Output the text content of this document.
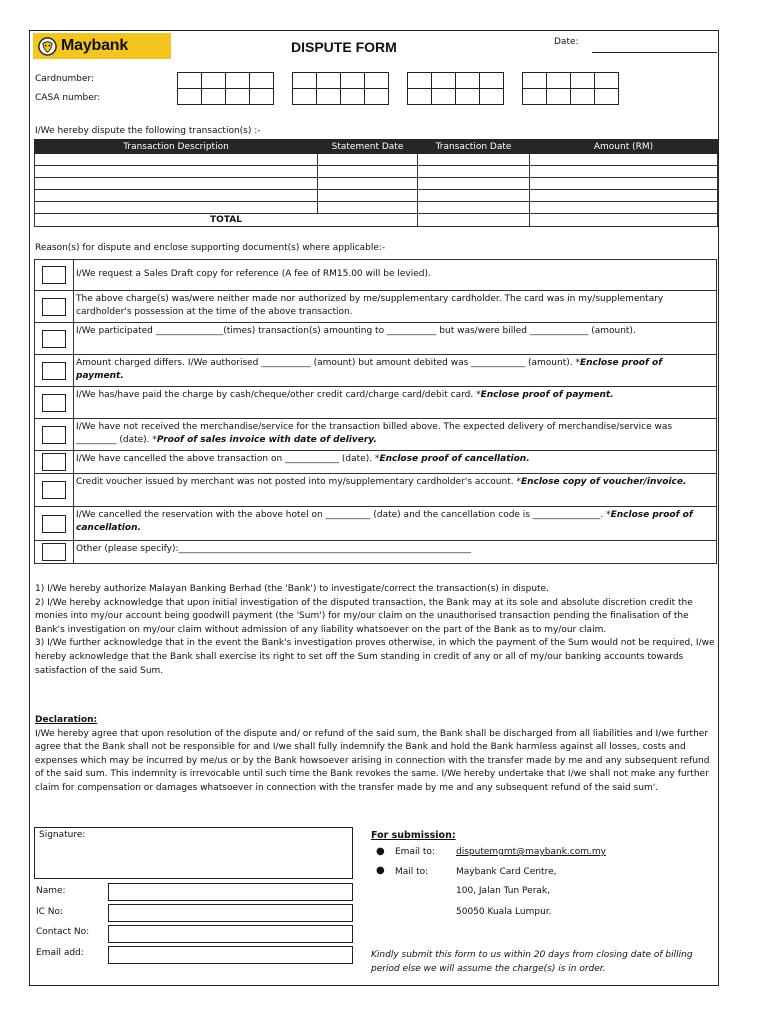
Maybank	DISPUTE FORM	Date:
Cardnumber:
CASA number:
I/We hereby dispute the following transaction(s) :-
Transaction Description	Statement Date	Transaction Date	Amount (RM)

TOTAL			
Reason(s) for dispute and enclose supporting document(s) where applicable:-
I/We request a Sales Draft copy for reference (A fee of RM15.00 will be levied).
The above charge(s) was/were neither made nor authorized by me/supplementary cardholder. The card was in my/supplementary cardholder's possession at the time of the above transaction.
I/We participated _______________(times) transaction(s) amounting to ___________ but was/were billed _____________ (amount).
Amount charged differs. I/We authorised ___________ (amount) but amount debited was ____________ (amount). *Enclose proof of payment.
I/We has/have paid the charge by cash/cheque/other credit card/charge card/debit card. *Enclose proof of payment.
I/We have not received the merchandise/service for the transaction billed above. The expected delivery of merchandise/service was _________ (date). *Proof of sales invoice with date of delivery.
I/We have cancelled the above transaction on ____________ (date). *Enclose proof of cancellation.
Credit voucher issued by merchant was not posted into my/supplementary cardholder's account. *Enclose copy of voucher/invoice.
I/We cancelled the reservation with the above hotel on __________ (date) and the cancellation code is _______________. *Enclose proof of cancellation.
Other (please specify):_________________________________________________________________
1) I/We hereby authorize Malayan Banking Berhad (the 'Bank') to investigate/correct the transaction(s) in dispute.
2) I/We hereby acknowledge that upon initial investigation of the disputed transaction, the Bank may at its sole and absolute discretion credit the monies into my/our account being goodwill payment (the 'Sum') for my/our claim on the unauthorised transaction pending the finalisation of the Bank's investigation on my/our claim without admission of any liability whatsoever on the part of the Bank as to my/our claim.
3) I/We further acknowledge that in the event the Bank's investigation proves otherwise, in which the payment of the Sum would not be required, I/we hereby acknowledge that the Bank shall exercise its right to set off the Sum standing in credit of any or all of my/our banking accounts towards satisfaction of the said Sum.
Declaration:
I/We hereby agree that upon resolution of the dispute and/ or refund of the said sum, the Bank shall be discharged from all liabilities and I/we further agree that the Bank shall not be responsible for and I/we shall fully indemnify the Bank and hold the Bank harmless against all losses, costs and expenses which may be incurred by me/us or by the Bank howsoever arising in connection with the transfer made by me and any subsequent refund of the said sum. This indemnity is irrevocable until such time the Bank revokes the same. I/We hereby undertake that I/we shall not make any further claim for compensation or damages whatsoever in connection with the transfer made by me and any subsequent refund of the said sum'.
Signature:
Name:
IC No:
Contact No:
Email add:
For submission:
● Email to: disputemgmt@maybank.com.my
● Mail to:	Maybank Card Centre,
100, Jalan Tun Perak,
50050 Kuala Lumpur.
Kindly submit this form to us within 20 days from closing date of billing period else we will assume the charge(s) is in order.
